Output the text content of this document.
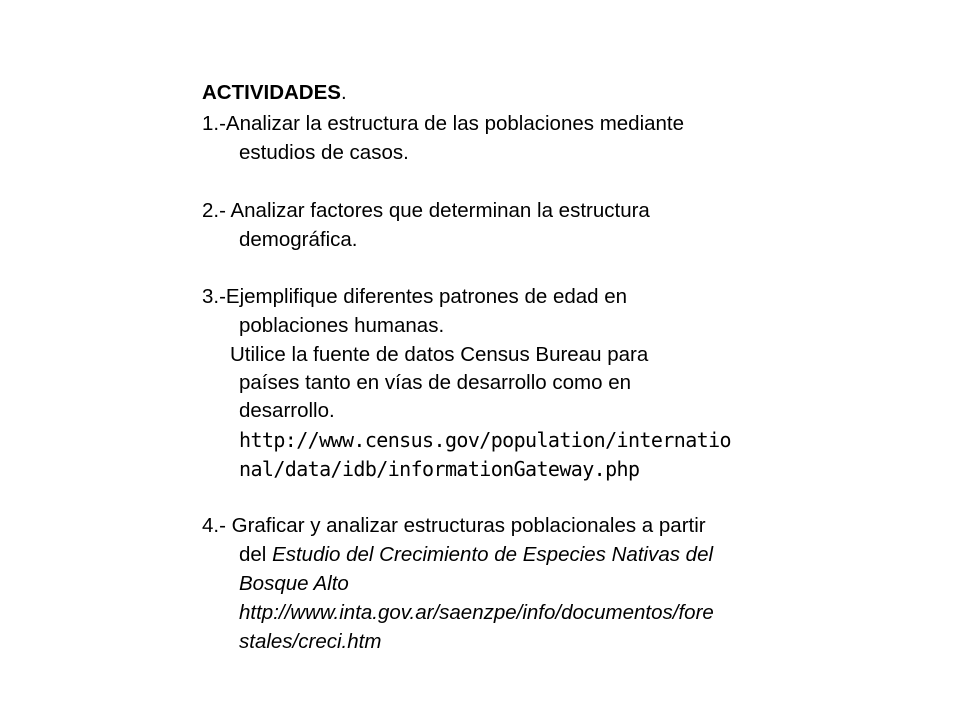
ACTIVIDADES.
1.-Analizar la estructura de las poblaciones mediante
estudios de casos.
2.- Analizar factores que determinan la estructura
demográfica.
3.-Ejemplifique diferentes patrones de edad en
poblaciones humanas.
Utilice la fuente de datos Census Bureau para
países tanto en vías de desarrollo como en
desarrollo.
http://www.census.gov/population/internatio
nal/data/idb/informationGateway.php
4.- Graficar y analizar estructuras poblacionales a partir
del Estudio del Crecimiento de Especies Nativas del
Bosque Alto
http://www.inta.gov.ar/saenzpe/info/documentos/fore
stales/creci.htm
